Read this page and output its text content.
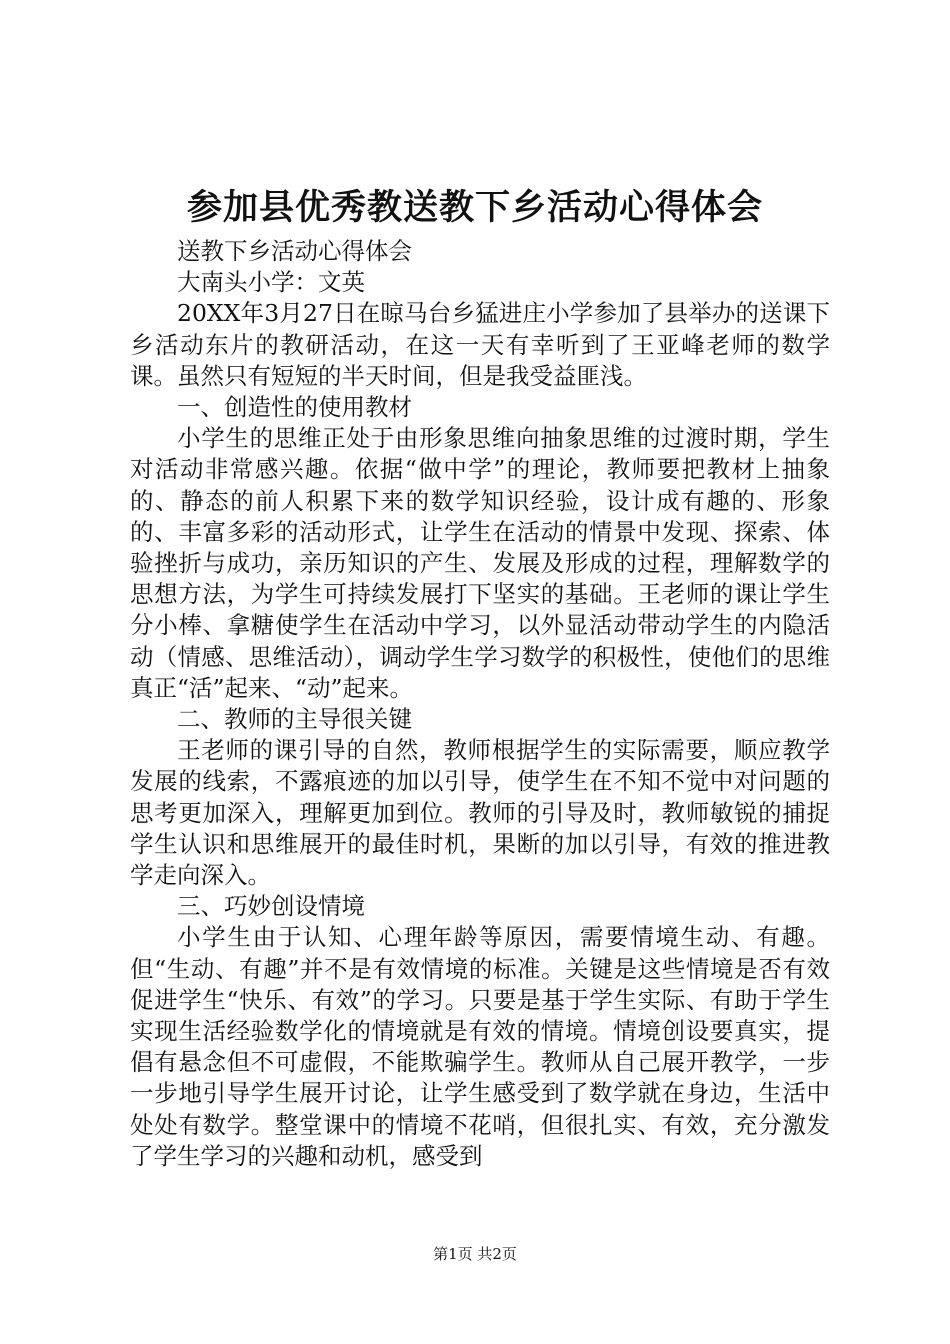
参加县优秀教送教下乡活动心得体会

送教下乡活动心得体会

大南头小学：文英

20XX年3月27日在晾马台乡猛进庄小学参加了县举办的送课下乡活动东片的教研活动，在这一天有幸听到了王亚峰老师的数学课。虽然只有短短的半天时间，但是我受益匪浅。

一、创造性的使用教材

小学生的思维正处于由形象思维向抽象思维的过渡时期，学生对活动非常感兴趣。依据“做中学”的理论，教师要把教材上抽象的、静态的前人积累下来的数学知识经验，设计成有趣的、形象的、丰富多彩的活动形式，让学生在活动的情景中发现、探索、体验挫折与成功，亲历知识的产生、发展及形成的过程，理解数学的思想方法，为学生可持续发展打下坚实的基础。王老师的课让学生分小棒、拿糖使学生在活动中学习，以外显活动带动学生的内隐活动（情感、思维活动），调动学生学习数学的积极性，使他们的思维真正“活”起来、“动”起来。

二、教师的主导很关键

王老师的课引导的自然，教师根据学生的实际需要，顺应教学发展的线索，不露痕迹的加以引导，使学生在不知不觉中对问题的思考更加深入，理解更加到位。教师的引导及时，教师敏锐的捕捉学生认识和思维展开的最佳时机，果断的加以引导，有效的推进教学走向深入。

三、巧妙创设情境

小学生由于认知、心理年龄等原因，需要情境生动、有趣。但“生动、有趣”并不是有效情境的标准。关键是这些情境是否有效促进学生“快乐、有效”的学习。只要是基于学生实际、有助于学生实现生活经验数学化的情境就是有效的情境。情境创设要真实，提倡有悬念但不可虚假，不能欺骗学生。教师从自己展开教学，一步一步地引导学生展开讨论，让学生感受到了数学就在身边，生活中处处有数学。整堂课中的情境不花哨，但很扎实、有效，充分激发了学生学习的兴趣和动机，感受到

第1页 共2页
